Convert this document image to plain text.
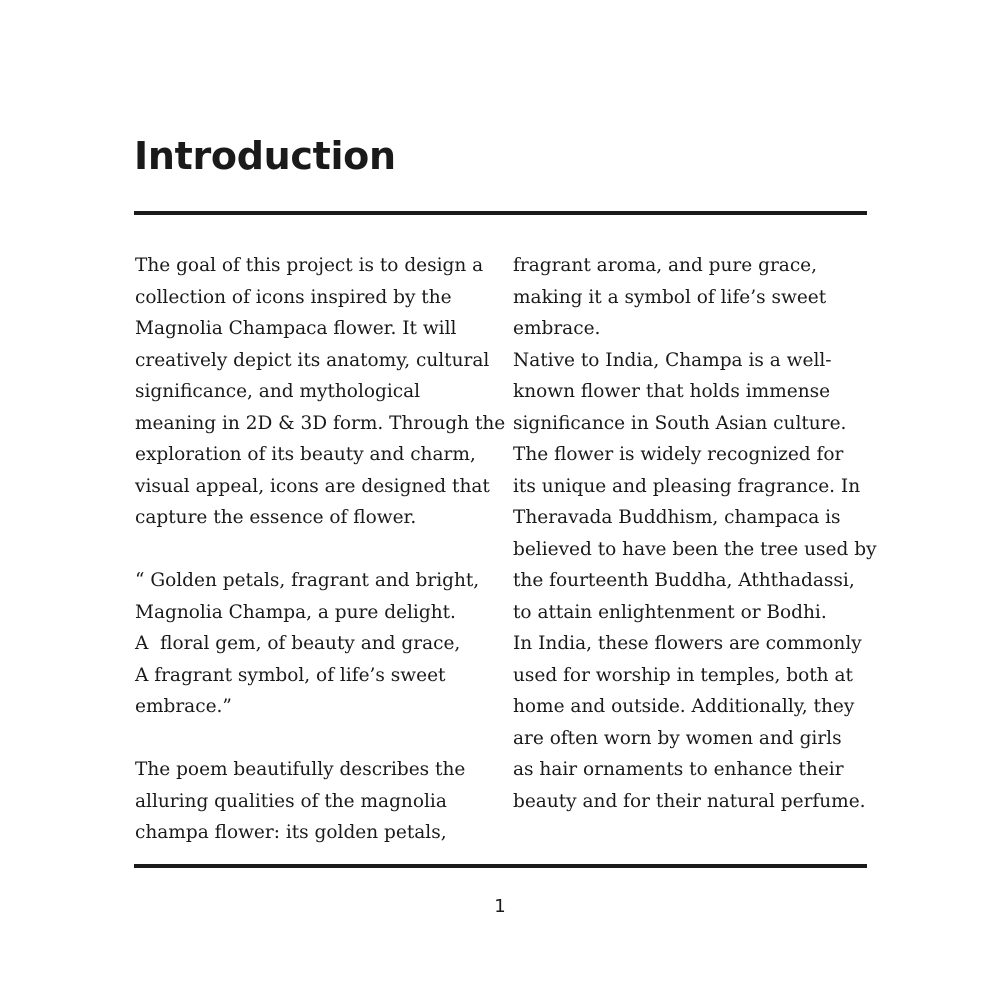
Introduction

The goal of this project is to design a
collection of icons inspired by the
Magnolia Champaca flower. It will
creatively depict its anatomy, cultural
significance, and mythological
meaning in 2D & 3D form. Through the
exploration of its beauty and charm,
visual appeal, icons are designed that
capture the essence of flower.

“ Golden petals, fragrant and bright,
Magnolia Champa, a pure delight.
A  floral gem, of beauty and grace,
A fragrant symbol, of life’s sweet
embrace.”

The poem beautifully describes the
alluring qualities of the magnolia
champa flower: its golden petals,

fragrant aroma, and pure grace,
making it a symbol of life’s sweet
embrace.
Native to India, Champa is a well-
known flower that holds immense
significance in South Asian culture.
The flower is widely recognized for
its unique and pleasing fragrance. In
Theravada Buddhism, champaca is
believed to have been the tree used by
the fourteenth Buddha, Aththadassi,
to attain enlightenment or Bodhi.
In India, these flowers are commonly
used for worship in temples, both at
home and outside. Additionally, they
are often worn by women and girls
as hair ornaments to enhance their
beauty and for their natural perfume.

1
